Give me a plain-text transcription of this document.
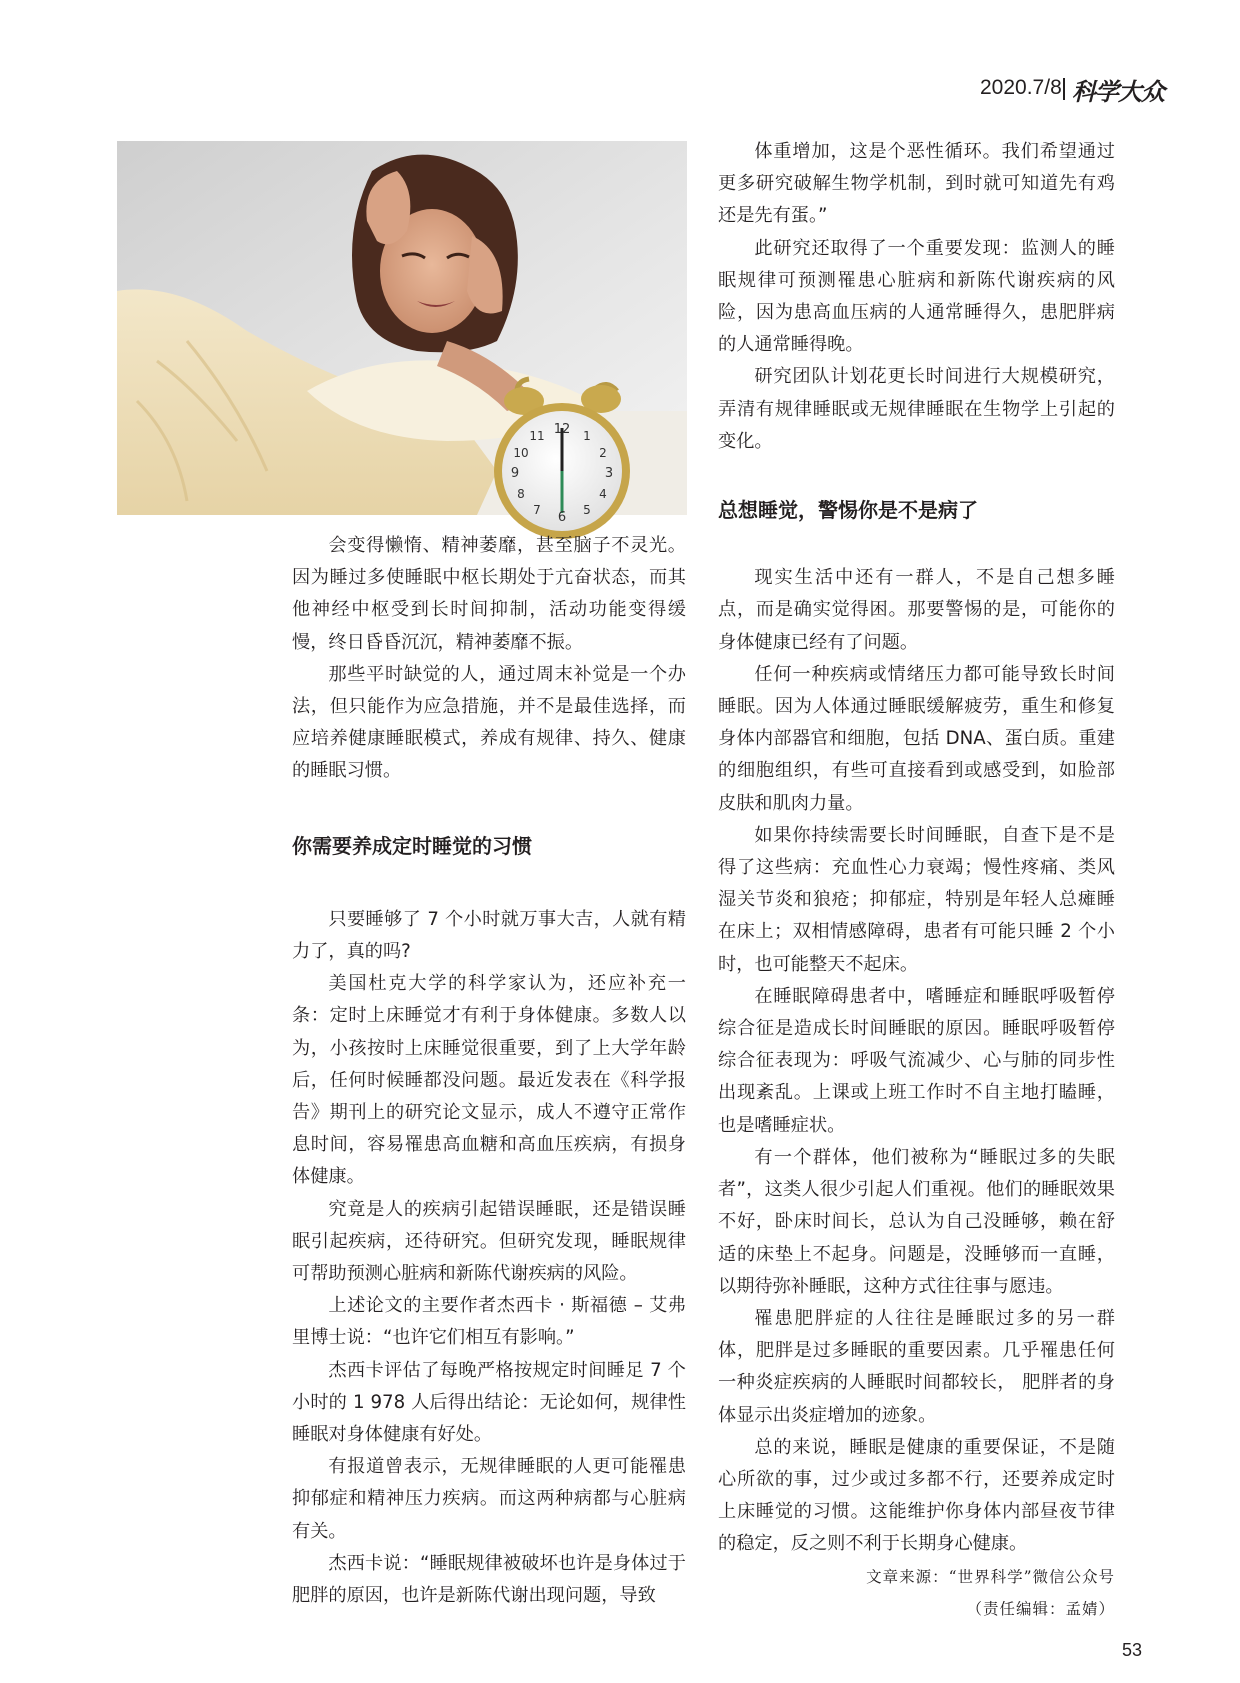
2020.7/8 科学大众
12 1
2
3
4
5
6
7
8
9
10
11

会变得懒惰、精神萎靡，甚至脑子不灵光。因为睡过多使睡眠中枢长期处于亢奋状态，而其他神经中枢受到长时间抑制，活动功能变得缓慢，终日昏昏沉沉，精神萎靡不振。

那些平时缺觉的人，通过周末补觉是一个办法，但只能作为应急措施，并不是最佳选择，而应培养健康睡眠模式，养成有规律、持久、健康的睡眠习惯。

你需要养成定时睡觉的习惯

只要睡够了 7 个小时就万事大吉，人就有精力了，真的吗?

美国杜克大学的科学家认为，还应补充一条：定时上床睡觉才有利于身体健康。多数人以为，小孩按时上床睡觉很重要，到了上大学年龄后，任何时候睡都没问题。最近发表在《科学报告》期刊上的研究论文显示，成人不遵守正常作息时间，容易罹患高血糖和高血压疾病，有损身体健康。

究竟是人的疾病引起错误睡眠，还是错误睡眠引起疾病，还待研究。但研究发现，睡眠规律可帮助预测心脏病和新陈代谢疾病的风险。

上述论文的主要作者杰西卡 · 斯福德 – 艾弗里博士说：“也许它们相互有影响。”

杰西卡评估了每晚严格按规定时间睡足 7 个小时的 1 978 人后得出结论：无论如何，规律性睡眠对身体健康有好处。

有报道曾表示，无规律睡眠的人更可能罹患抑郁症和精神压力疾病。而这两种病都与心脏病有关。

杰西卡说：“睡眠规律被破坏也许是身体过于肥胖的原因，也许是新陈代谢出现问题，导致

体重增加，这是个恶性循环。我们希望通过更多研究破解生物学机制，到时就可知道先有鸡还是先有蛋。”

此研究还取得了一个重要发现：监测人的睡眠规律可预测罹患心脏病和新陈代谢疾病的风险，因为患高血压病的人通常睡得久，患肥胖病的人通常睡得晚。

研究团队计划花更长时间进行大规模研究，弄清有规律睡眠或无规律睡眠在生物学上引起的变化。

总想睡觉，警惕你是不是病了

现实生活中还有一群人，不是自己想多睡点，而是确实觉得困。那要警惕的是，可能你的身体健康已经有了问题。

任何一种疾病或情绪压力都可能导致长时间睡眠。因为人体通过睡眠缓解疲劳，重生和修复身体内部器官和细胞，包括 DNA、蛋白质。重建的细胞组织，有些可直接看到或感受到，如脸部皮肤和肌肉力量。

如果你持续需要长时间睡眠，自查下是不是得了这些病：充血性心力衰竭；慢性疼痛、类风湿关节炎和狼疮；抑郁症，特别是年轻人总瘫睡在床上；双相情感障碍，患者有可能只睡 2 个小时，也可能整天不起床。

在睡眠障碍患者中，嗜睡症和睡眠呼吸暂停综合征是造成长时间睡眠的原因。睡眠呼吸暂停综合征表现为：呼吸气流减少、心与肺的同步性出现紊乱。上课或上班工作时不自主地打瞌睡，也是嗜睡症状。

有一个群体，他们被称为“睡眠过多的失眠者”，这类人很少引起人们重视。他们的睡眠效果不好，卧床时间长，总认为自己没睡够，赖在舒适的床垫上不起身。问题是，没睡够而一直睡，以期待弥补睡眠，这种方式往往事与愿违。

罹患肥胖症的人往往是睡眠过多的另一群体，肥胖是过多睡眠的重要因素。几乎罹患任何一种炎症疾病的人睡眠时间都较长， 肥胖者的身体显示出炎症增加的迹象。

总的来说，睡眠是健康的重要保证，不是随心所欲的事，过少或过多都不行，还要养成定时上床睡觉的习惯。这能维护你身体内部昼夜节律的稳定，反之则不利于长期身心健康。

文章来源：“世界科学”微信公众号

（责任编辑：孟婧）

53
